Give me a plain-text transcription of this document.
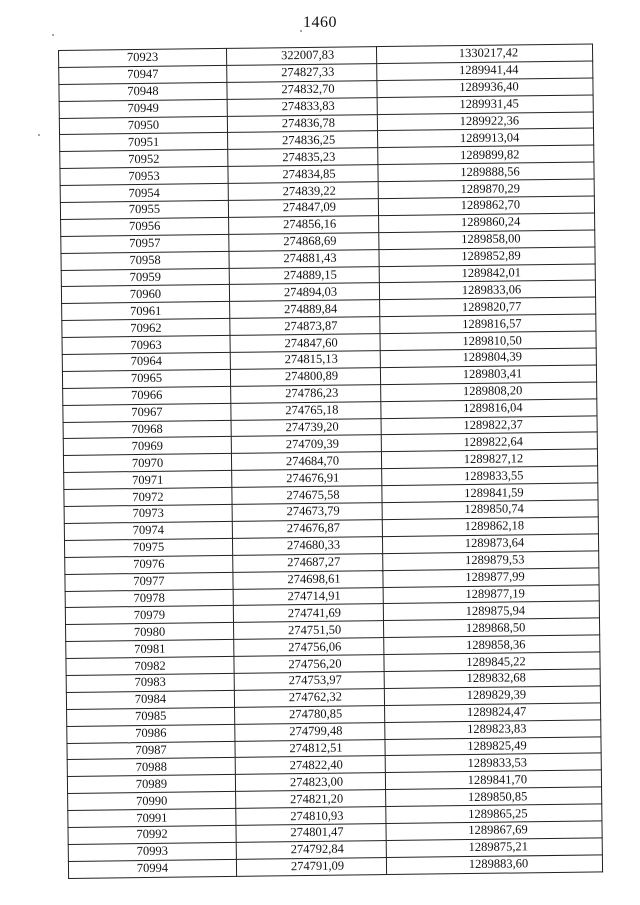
1460
70923	322007,83	1330217,42
70947	274827,33	1289941,44
70948	274832,70	1289936,40
70949	274833,83	1289931,45
70950	274836,78	1289922,36
70951	274836,25	1289913,04
70952	274835,23	1289899,82
70953	274834,85	1289888,56
70954	274839,22	1289870,29
70955	274847,09	1289862,70
70956	274856,16	1289860,24
70957	274868,69	1289858,00
70958	274881,43	1289852,89
70959	274889,15	1289842,01
70960	274894,03	1289833,06
70961	274889,84	1289820,77
70962	274873,87	1289816,57
70963	274847,60	1289810,50
70964	274815,13	1289804,39
70965	274800,89	1289803,41
70966	274786,23	1289808,20
70967	274765,18	1289816,04
70968	274739,20	1289822,37
70969	274709,39	1289822,64
70970	274684,70	1289827,12
70971	274676,91	1289833,55
70972	274675,58	1289841,59
70973	274673,79	1289850,74
70974	274676,87	1289862,18
70975	274680,33	1289873,64
70976	274687,27	1289879,53
70977	274698,61	1289877,99
70978	274714,91	1289877,19
70979	274741,69	1289875,94
70980	274751,50	1289868,50
70981	274756,06	1289858,36
70982	274756,20	1289845,22
70983	274753,97	1289832,68
70984	274762,32	1289829,39
70985	274780,85	1289824,47
70986	274799,48	1289823,83
70987	274812,51	1289825,49
70988	274822,40	1289833,53
70989	274823,00	1289841,70
70990	274821,20	1289850,85
70991	274810,93	1289865,25
70992	274801,47	1289867,69
70993	274792,84	1289875,21
70994	274791,09	1289883,60
